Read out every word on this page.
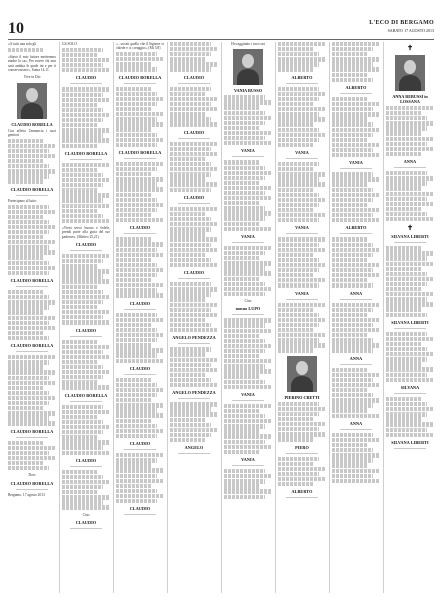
10	L'ECO DI BERGAMO
SABATO 17 AGOSTO 2013

«A tutti una sola gli

«Stavo il mio fattore metteremo madre la ca», Per essere chi non sarà ambita le quale ini e per ti conservassero», Soma 14,11

Vive in Dio
CLAUDIO BORELLA

Con affetto l'annuncia i suoi genitori

CLAUDIO BORELLA

Partecipano al lutto:

CLAUDIO BORELLA
CLAUDIO BORELLA
CLAUDIO BORELLA
Dors
CLAUDIO BORELLA

Bergamo, 17 agosto 2013

Gli SOLO

CLAUDIO
CLAUDIO BORELLA

«Vieni servo buono e fedele, prendi parte alla gioia del tuo padrone». (Matteo 25,21)

CLAUDIO
CLAUDIO
CLAUDIO BORELLA
CLAUDIO
Ciao
CLAUDIO

«...vocati quello che il Signore vi chiede e ci coraggio», (Mt 5,8)

CLAUDIO BORELLA
CLAUDIO BORELLA
CLAUDIO
CLAUDIO
CLAUDIO
CLAUDIO
CLAUDIO
CLAUDIO
CLAUDIO
CLAUDIO
CLAUDIO
ANGELO PENDEZZA
ANGELO PENDEZZA
ANGELO
Ho raggiunto i tuoi cari
VANIA RUSSO
VANIA
VANIA
Ciao
nonno LUPO
VANIA
VANIA
ALBERTO
VANIA
VANIA
VANIA
PIERINO CRETTI
PIERO
ALBERTO
ALBERTO
VANIA
ALBERTO
ANNA
ANNA
ANNA
✝
ANNA REBUSSI in LOSSANA
ANNA
✝
SILVANA LIBERTI
SILVANA LIBERTI
SILVANA
SILVANA LIBERTI
